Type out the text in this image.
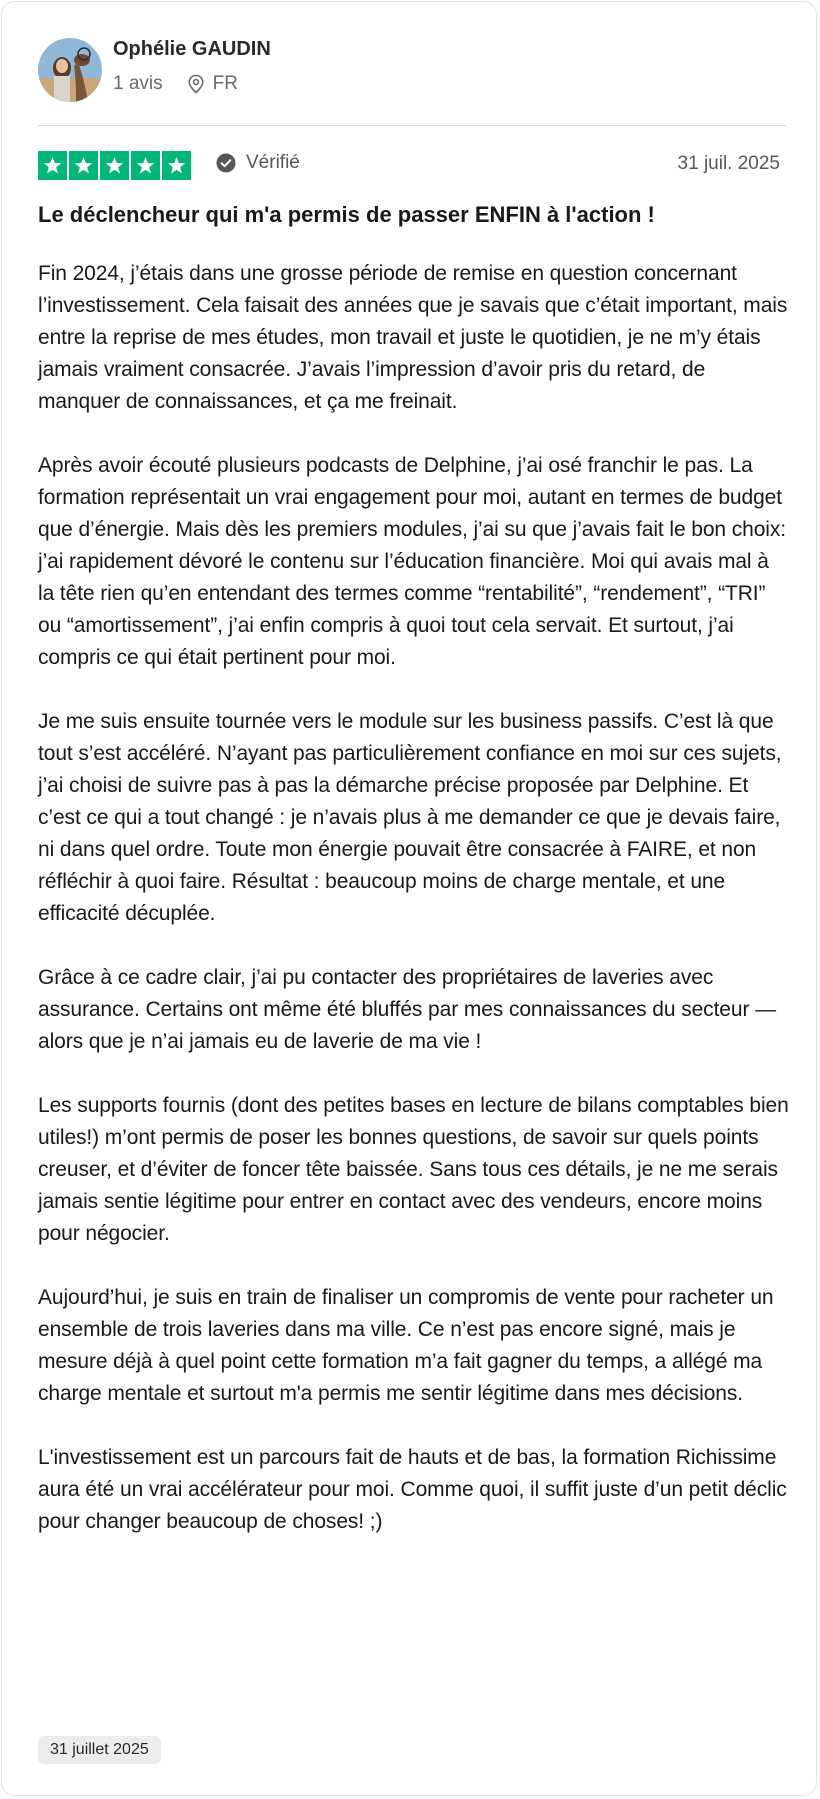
Ophélie GAUDIN
1 avis	FR
Vérifié	31 juil. 2025
Le déclencheur qui m'a permis de passer ENFIN à l'action !

Fin 2024, j’étais dans une grosse période de remise en question concernant l’investissement. Cela faisait des années que je savais que c’était important, mais entre la reprise de mes études, mon travail et juste le quotidien, je ne m’y étais jamais vraiment consacrée. J’avais l’impression d’avoir pris du retard, de manquer de connaissances, et ça me freinait.

Après avoir écouté plusieurs podcasts de Delphine, j’ai osé franchir le pas. La formation représentait un vrai engagement pour moi, autant en termes de budget que d’énergie. Mais dès les premiers modules, j’ai su que j’avais fait le bon choix: j’ai rapidement dévoré le contenu sur l’éducation financière. Moi qui avais mal à la tête rien qu’en entendant des termes comme “rentabilité”, “rendement”, “TRI” ou “amortissement”, j’ai enfin compris à quoi tout cela servait. Et surtout, j’ai compris ce qui était pertinent pour moi.

Je me suis ensuite tournée vers le module sur les business passifs. C’est là que tout s’est accéléré. N’ayant pas particulièrement confiance en moi sur ces sujets, j’ai choisi de suivre pas à pas la démarche précise proposée par Delphine. Et c’est ce qui a tout changé : je n’avais plus à me demander ce que je devais faire, ni dans quel ordre. Toute mon énergie pouvait être consacrée à FAIRE, et non réfléchir à quoi faire. Résultat : beaucoup moins de charge mentale, et une efficacité décuplée.

Grâce à ce cadre clair, j’ai pu contacter des propriétaires de laveries avec assurance. Certains ont même été bluffés par mes connaissances du secteur — alors que je n’ai jamais eu de laverie de ma vie !

Les supports fournis (dont des petites bases en lecture de bilans comptables bien utiles!) m’ont permis de poser les bonnes questions, de savoir sur quels points creuser, et d’éviter de foncer tête baissée. Sans tous ces détails, je ne me serais jamais sentie légitime pour entrer en contact avec des vendeurs, encore moins pour négocier.

Aujourd’hui, je suis en train de finaliser un compromis de vente pour racheter un ensemble de trois laveries dans ma ville. Ce n’est pas encore signé, mais je mesure déjà à quel point cette formation m’a fait gagner du temps, a allégé ma charge mentale et surtout m'a permis me sentir légitime dans mes décisions.

L'investissement est un parcours fait de hauts et de bas, la formation Richissime aura été un vrai accélérateur pour moi. Comme quoi, il suffit juste d’un petit déclic pour changer beaucoup de choses! ;)

31 juillet 2025
